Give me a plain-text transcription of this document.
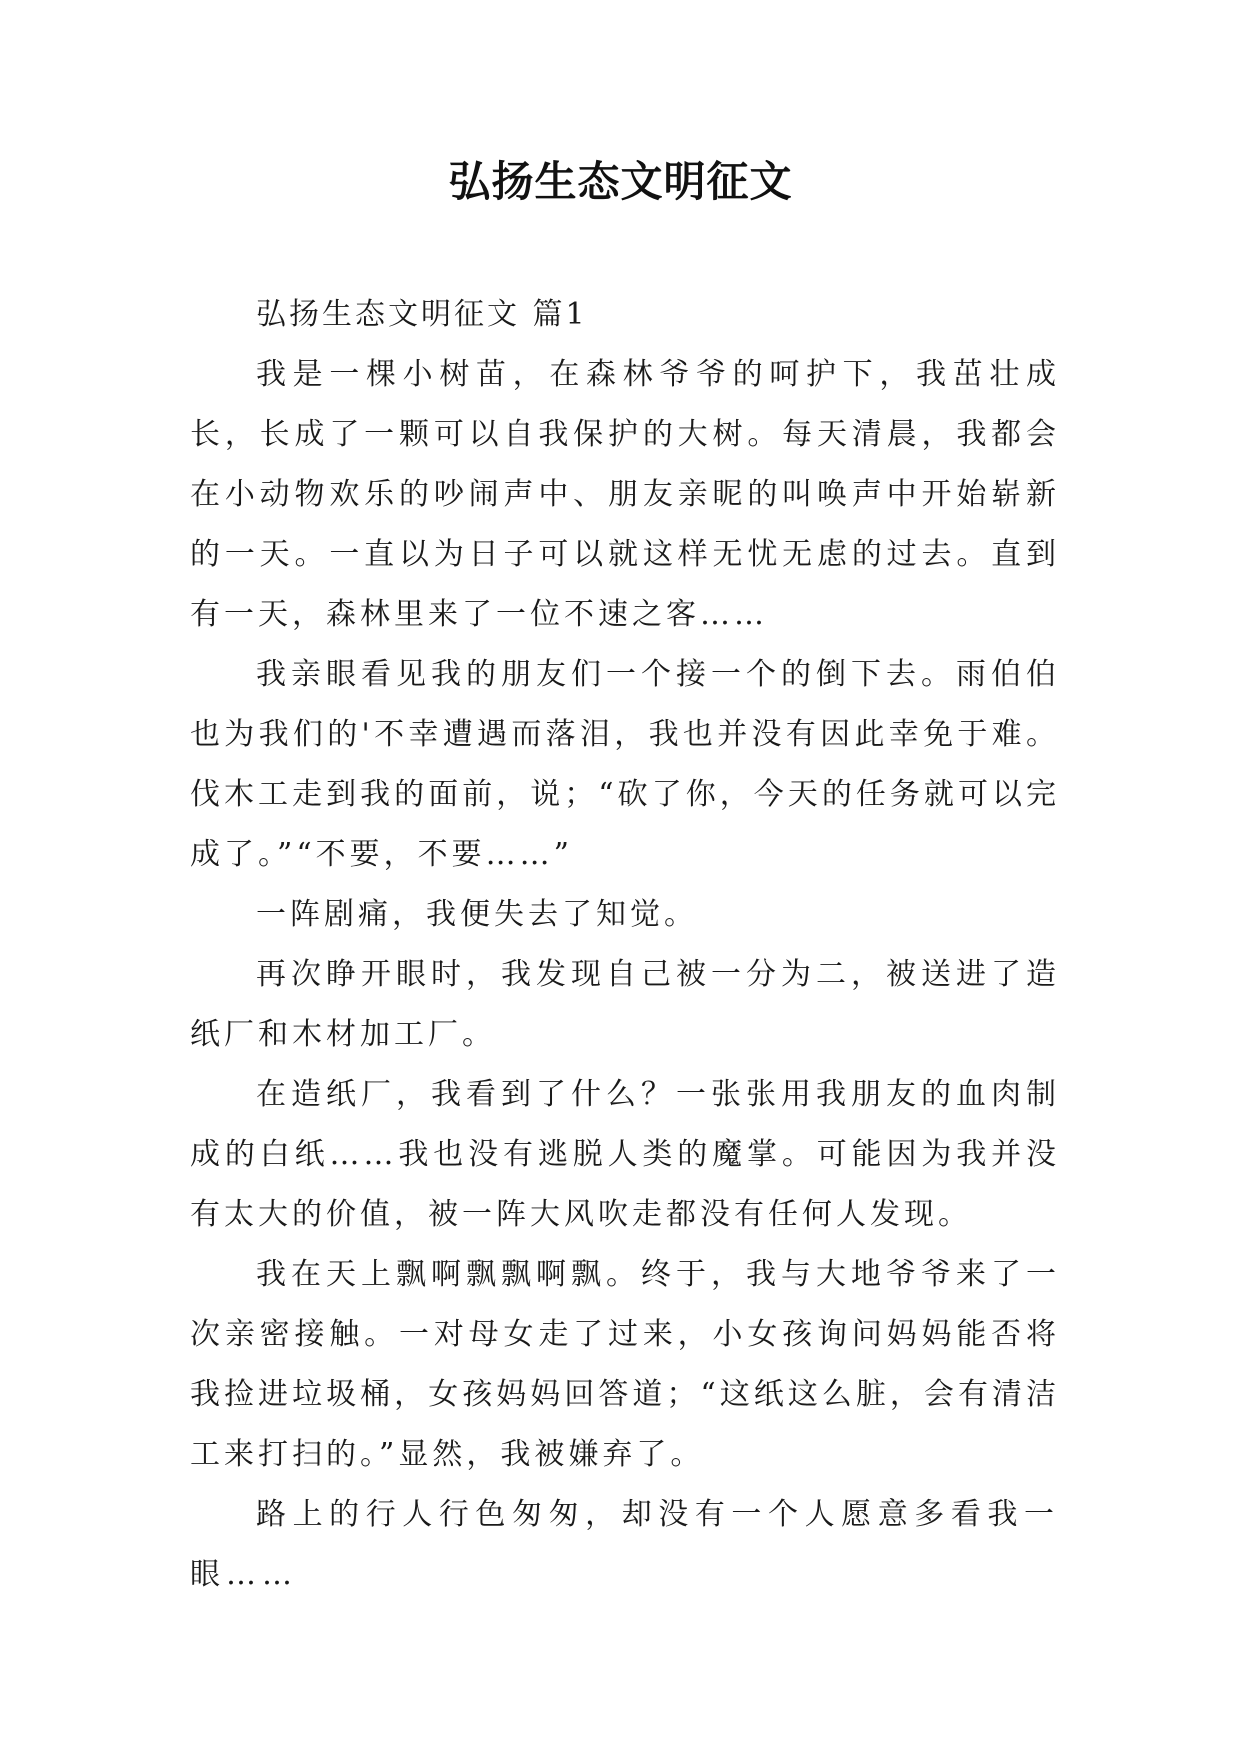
弘扬生态文明征文

弘扬生态文明征文 篇1

我是一棵小树苗，在森林爷爷的呵护下，我茁壮成长，长成了一颗可以自我保护的大树。每天清晨，我都会在小动物欢乐的吵闹声中、朋友亲昵的叫唤声中开始崭新的一天。一直以为日子可以就这样无忧无虑的过去。直到有一天，森林里来了一位不速之客……

我亲眼看见我的朋友们一个接一个的倒下去。雨伯伯也为我们的'不幸遭遇而落泪，我也并没有因此幸免于难。伐木工走到我的面前，说；“砍了你，今天的任务就可以完成了。”“不要，不要……”

一阵剧痛，我便失去了知觉。

再次睁开眼时，我发现自己被一分为二，被送进了造纸厂和木材加工厂。

在造纸厂，我看到了什么？一张张用我朋友的血肉制成的白纸……我也没有逃脱人类的魔掌。可能因为我并没有太大的价值，被一阵大风吹走都没有任何人发现。

我在天上飘啊飘飘啊飘。终于，我与大地爷爷来了一次亲密接触。一对母女走了过来，小女孩询问妈妈能否将我捡进垃圾桶，女孩妈妈回答道；“这纸这么脏，会有清洁工来打扫的。”显然，我被嫌弃了。

路上的行人行色匆匆，却没有一个人愿意多看我一眼……
